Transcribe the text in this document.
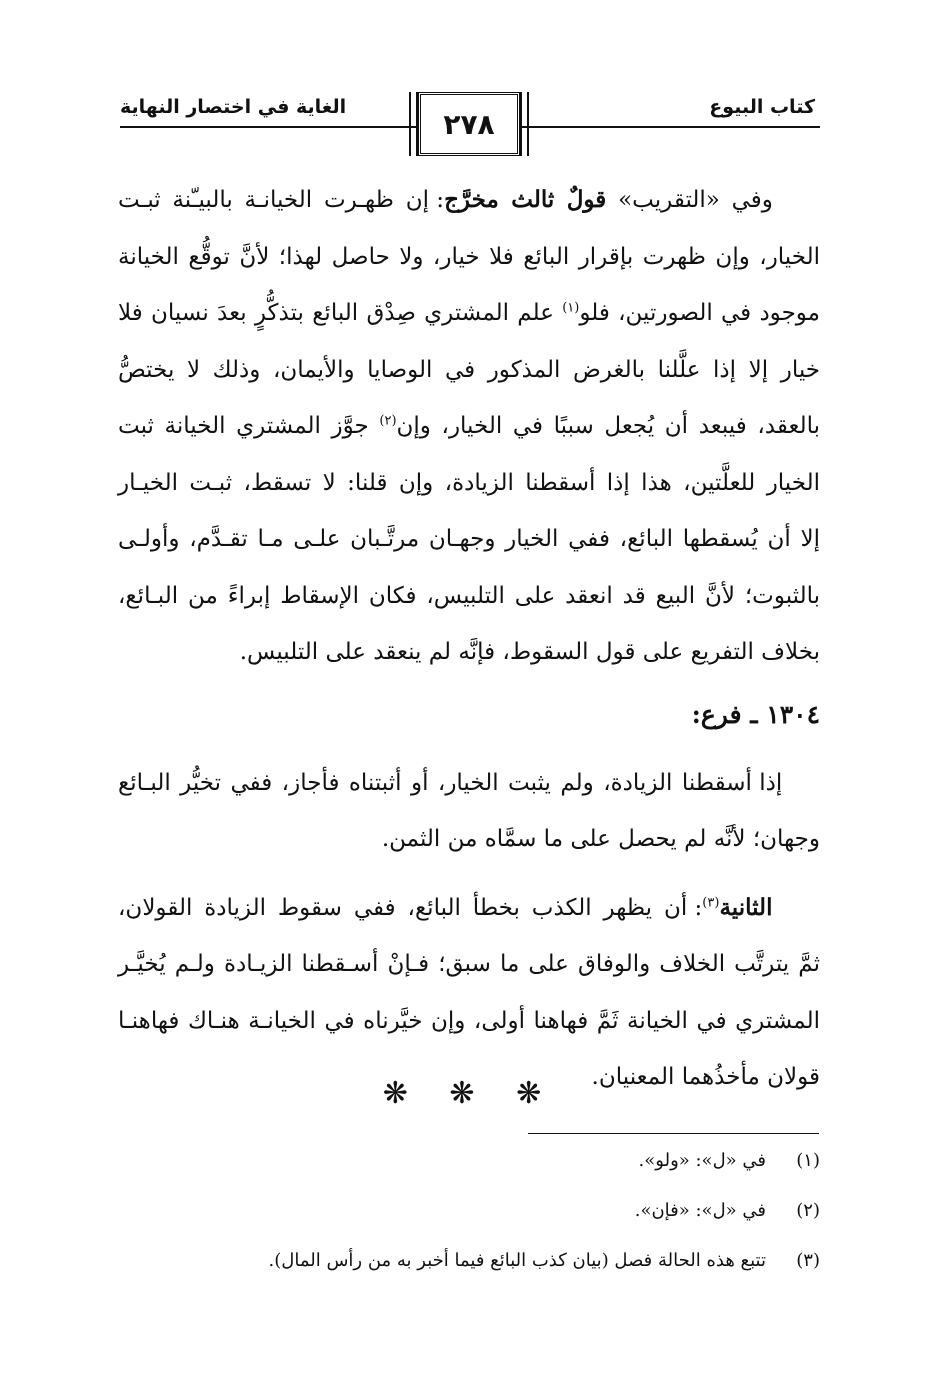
كتاب البيوع
الغاية في اختصار النهاية
٢٧٨

وفي «التقريب» قولٌ ثالث مخرَّج: إن ظهـرت الخيانـة بالبيـّنة ثبـت
الخيار، وإن ظهرت بإقرار البائع فلا خيار، ولا حاصل لهذا؛ لأنَّ توقُّع الخيانة
موجود في الصورتين، فلو$^{(١)}$ علم المشتري صِدْق البائع بتذكُّرٍ بعدَ نسيان فلا
خيار إلا إذا علَّلنا بالغرض المذكور في الوصايا والأيمان، وذلك لا يختصُّ
بالعقد، فيبعد أن يُجعل سببًا في الخيار، وإن$^{(٢)}$ جوَّز المشتري الخيانة ثبت
الخيار للعلَّتين، هذا إذا أسقطنا الزيادة، وإن قلنا: لا تسقط، ثبـت الخيـار
إلا أن يُسقطها البائع، ففي الخيار وجهـان مرتَّـبان علـى مـا تقـدَّم، وأولـى
بالثبوت؛ لأنَّ البيع قد انعقد على التلبيس، فكان الإسقاط إبراءً من البـائع،
بخلاف التفريع على قول السقوط، فإنَّه لم ينعقد على التلبيس.

١٣٠٤ ـ فرع:

إذا أسقطنا الزيادة، ولم يثبت الخيار، أو أثبتناه فأجاز، ففي تخيُّر البـائع
وجهان؛ لأنَّه لم يحصل على ما سمَّاه من الثمن.

الثانية$^{(٣)}$: أن يظهر الكذب بخطأ البائع، ففي سقوط الزيادة القولان،
ثمَّ يترتَّب الخلاف والوفاق على ما سبق؛ فـإنْ أسـقطنا الزيـادة ولـم يُخيَّـر
المشتري في الخيانة ثَمَّ فهاهنا أولى، وإن خيَّرناه في الخيانـة هنـاك فهاهنـا
قولان مأخذُهما المعنيان.

❋ ❋ ❋
(١)
في «ل»: «ولو».
(٢)
في «ل»: «فإن».
(٣)
تتبع هذه الحالة فصل (بيان كذب البائع فيما أخبر به من رأس المال).
